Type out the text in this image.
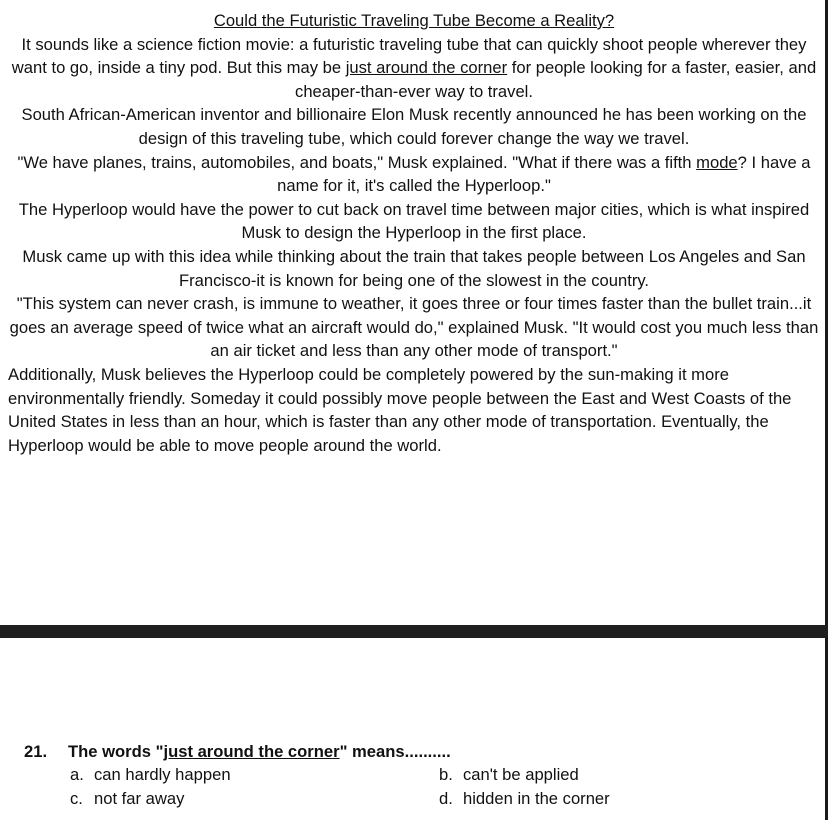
Could the Futuristic Traveling Tube Become a Reality?

It sounds like a science fiction movie: a futuristic traveling tube that can quickly shoot people wherever they want to go, inside a tiny pod. But this may be just around the corner for people looking for a faster, easier, and cheaper-than-ever way to travel.

South African-American inventor and billionaire Elon Musk recently announced he has been working on the design of this traveling tube, which could forever change the way we travel.

"We have planes, trains, automobiles, and boats," Musk explained. "What if there was a fifth mode? I have a name for it, it's called the Hyperloop."

The Hyperloop would have the power to cut back on travel time between major cities, which is what inspired Musk to design the Hyperloop in the first place.

Musk came up with this idea while thinking about the train that takes people between Los Angeles and San Francisco-it is known for being one of the slowest in the country.

"This system can never crash, is immune to weather, it goes three or four times faster than the bullet train...it goes an average speed of twice what an aircraft would do," explained Musk. "It would cost you much less than an air ticket and less than any other mode of transport."

Additionally, Musk believes the Hyperloop could be completely powered by the sun-making it more environmentally friendly. Someday it could possibly move people between the East and West Coasts of the United States in less than an hour, which is faster than any other mode of transportation. Eventually, the Hyperloop would be able to move people around the world.

21. The words "just around the corner" means..........
a. can hardly happen	b. can't be applied
c. not far away	d. hidden in the corner
